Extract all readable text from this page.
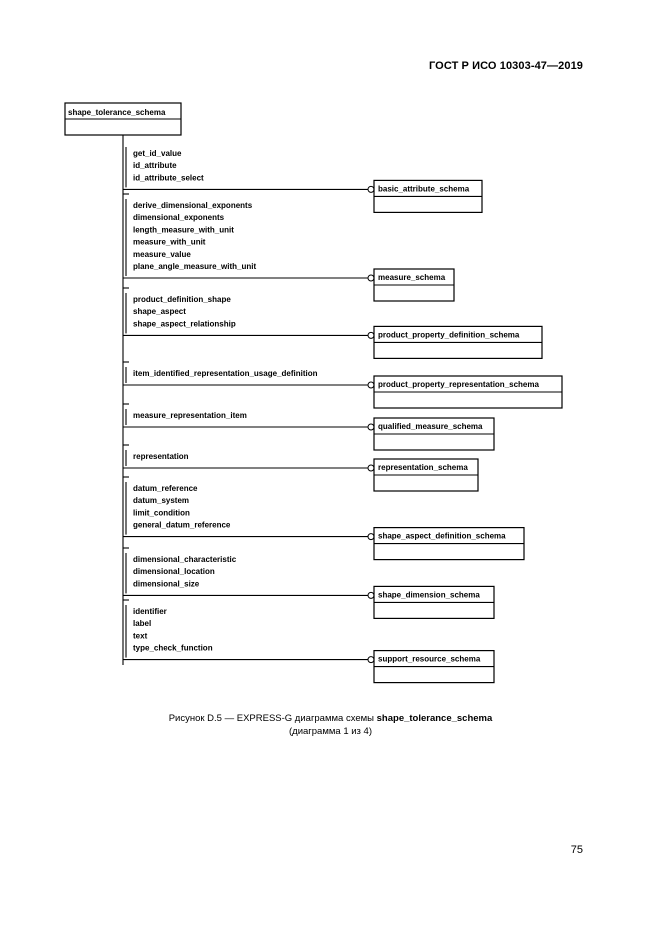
ГОСТ Р ИСО 10303-47—2019
shape_tolerance_schema
get_id_value
id_attribute
id_attribute_select
basic_attribute_schema
derive_dimensional_exponents
dimensional_exponents
length_measure_with_unit
measure_with_unit
measure_value
plane_angle_measure_with_unit
measure_schema
product_definition_shape
shape_aspect
shape_aspect_relationship
product_property_definition_schema
item_identified_representation_usage_definition
product_property_representation_schema
measure_representation_item
qualified_measure_schema
representation
representation_schema
datum_reference
datum_system
limit_condition
general_datum_reference
shape_aspect_definition_schema
dimensional_characteristic
dimensional_location
dimensional_size
shape_dimension_schema
identifier
label
text
type_check_function
support_resource_schema
Рисунок D.5 — EXPRESS-G диаграмма схемы shape_tolerance_schema
(диаграмма 1 из 4)
75
